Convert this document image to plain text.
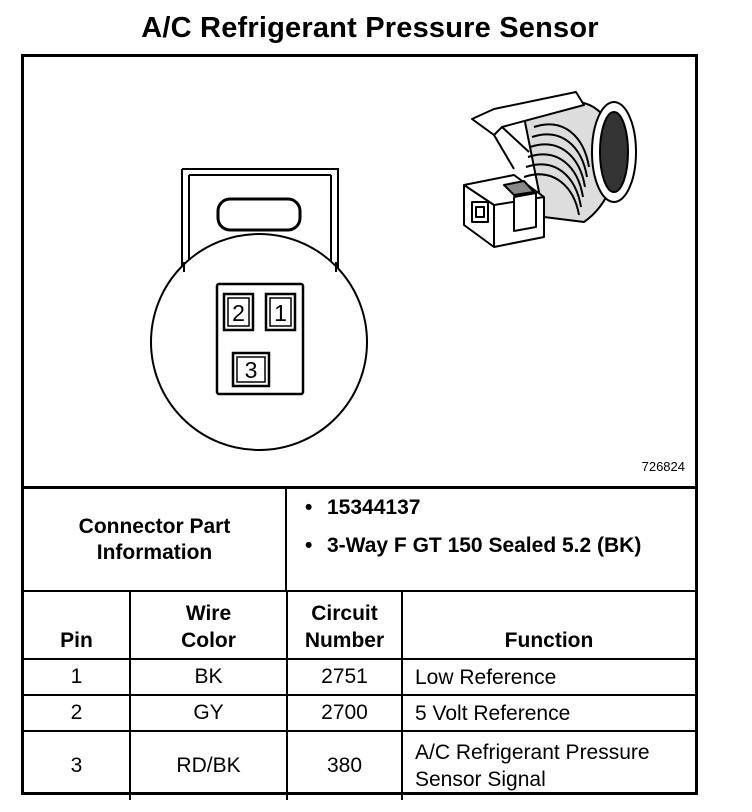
A/C Refrigerant Pressure Sensor
2 1
3
726824
Connector Part Information
• 15344137
• 3-Way F GT 150 Sealed 5.2 (BK)
Pin	Wire Color	Circuit Number	Function
1	BK	2751	Low Reference
2	GY	2700	5 Volt Reference
3	RD/BK	380	A/C Refrigerant Pressure Sensor Signal
